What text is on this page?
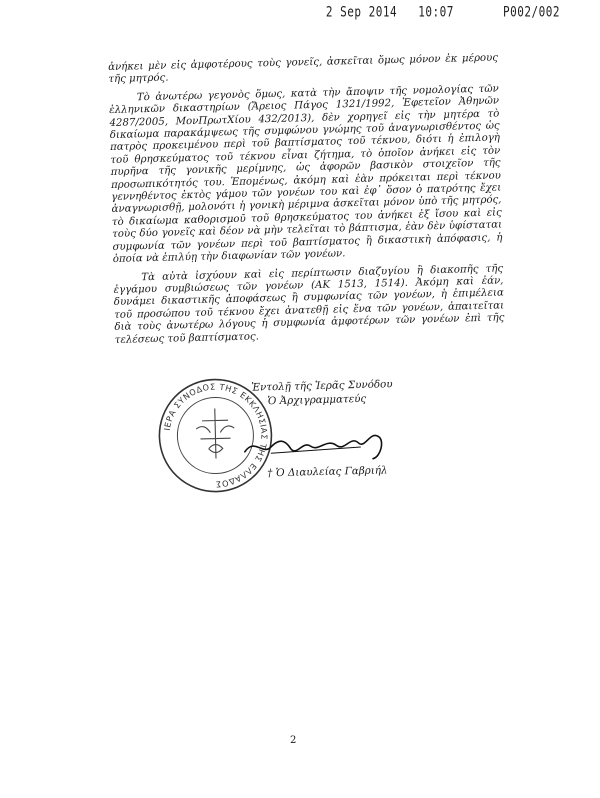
2 Sep 2014 10:07	P002/002

ἀνήκει μὲν εἰς ἀμφοτέρους τοὺς γονεῖς, ἀσκεῖται ὅμως μόνον ἐκ μέρους τῆς μητρός.

Τὸ ἀνωτέρω γεγονὸς ὅμως, κατὰ τὴν ἄποψιν τῆς νομολογίας τῶν ἑλληνικῶν δικαστηρίων (Ἄρειος Πάγος 1321/1992, Ἐφετεῖον Ἀθηνῶν 4287/2005, ΜονΠρωτΧίου 432/2013), δὲν χορηγεῖ εἰς τὴν μητέρα τὸ δικαίωμα παρακάμψεως τῆς συμφώνου γνώμης τοῦ ἀναγνωρισθέντος ὡς πατρὸς προκειμένου περὶ τοῦ βαπτίσματος τοῦ τέκνου, διότι ἡ ἐπιλογὴ τοῦ θρησκεύματος τοῦ τέκνου εἶναι ζήτημα, τὸ ὁποῖον ἀνήκει εἰς τὸν πυρῆνα τῆς γονικῆς μερίμνης, ὡς ἀφορῶν βασικὸν στοιχεῖον τῆς προσωπικότητός του. Ἑπομένως, ἀκόμη καὶ ἐὰν πρόκειται περὶ τέκνου γεννηθέντος ἐκτὸς γάμου τῶν γονέων του καὶ ἐφ᾽ ὅσον ὁ πατρότης ἔχει ἀναγνωρισθῇ, μολονότι ἡ γονικὴ μέριμνα ἀσκεῖται μόνον ὑπὸ τῆς μητρός, τὸ δικαίωμα καθορισμοῦ τοῦ θρησκεύματος του ἀνήκει ἐξ ἴσου καὶ εἰς τοὺς δύο γονεῖς καὶ δέον νὰ μὴν τελεῖται τὸ βάπτισμα, ἐὰν δὲν ὑφίσταται συμφωνία τῶν γονέων περὶ τοῦ βαπτίσματος ἢ δικαστικὴ ἀπόφασις, ἡ ὁποία νὰ ἐπιλύῃ τὴν διαφωνίαν τῶν γονέων.

Τὰ αὐτὰ ἰσχύουν καὶ εἰς περίπτωσιν διαζυγίου ἢ διακοπῆς τῆς ἐγγάμου συμβιώσεως τῶν γονέων (ΑΚ 1513, 1514). Ἀκόμη καὶ ἐάν, δυνάμει δικαστικῆς ἀποφάσεως ἢ συμφωνίας τῶν γονέων, ἡ ἐπιμέλεια τοῦ προσώπου τοῦ τέκνου ἔχει ἀνατεθῇ εἰς ἕνα τῶν γονέων, ἀπαιτεῖται διὰ τοὺς ἀνωτέρω λόγους ἡ συμφωνία ἀμφοτέρων τῶν γονέων ἐπὶ τῆς τελέσεως τοῦ βαπτίσματος.

ΙΕΡΑ ΣΥΝΟΔΟΣ ΤΗΣ ΕΚΚΛΗΣΙΑΣ ΤΗΣ ΕΛΛΑΔΟΣ
Ἐντολῇ τῆς Ἱερᾶς Συνόδου
Ὁ Ἀρχιγραμματεύς
† Ὁ Διαυλείας Γαβριήλ
2
